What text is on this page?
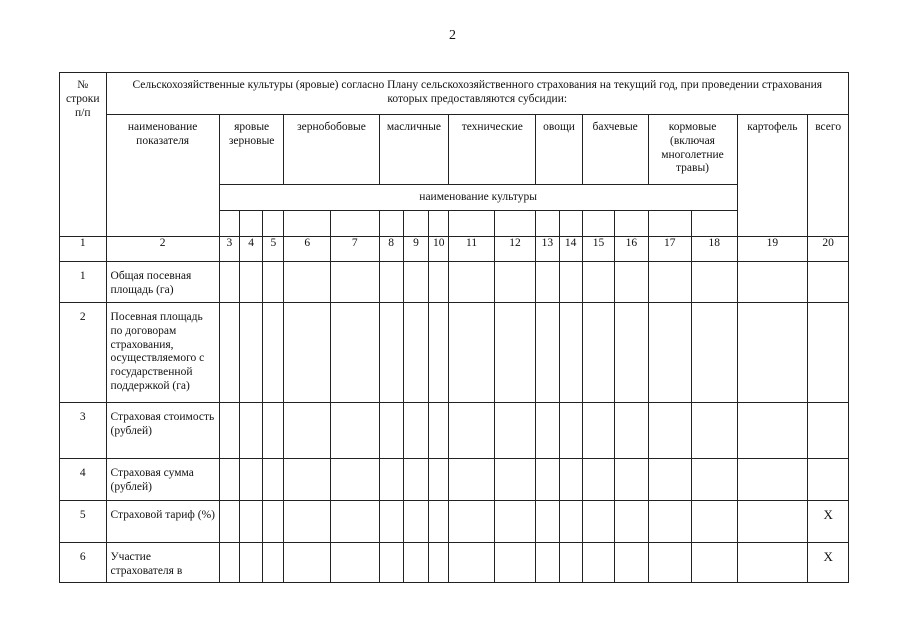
2
№ строки п/п	Сельскохозяйственные культуры (яровые) согласно Плану сельскохозяйственного страхования на текущий год, при проведении страхования которых предоставляются субсидии:																		
	наименование показателя	яровые зерновые			зернобобовые		масличные			технические		овощи		бахчевые		кормовые (включая многолетние травы)		картофель	всего
		наименование культуры																	

1	2	3	4	5	6	7	8	9	10	11	12	13	14	15	16	17	18	19	20
1	Общая посевная площадь (га)																		
2	Посевная площадь по договорам страхования, осуществляемого с государственной поддержкой (га)																		
3	Страховая стоимость (рублей)																		
4	Страховая сумма (рублей)																		
5	Страховой тариф (%)																		X
6	Участие страхователя в																		X
